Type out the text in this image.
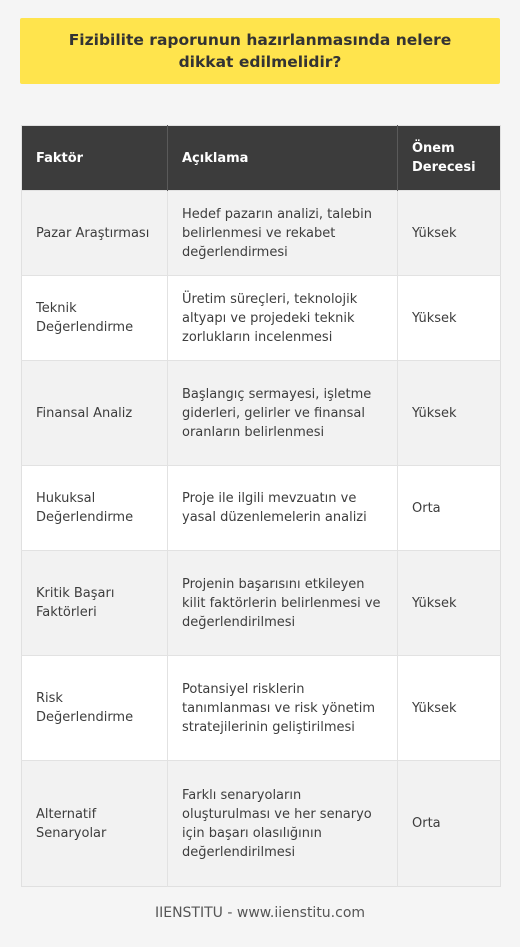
Fizibilite raporunun hazırlanmasında nelere dikkat edilmelidir?
Faktör	Açıklama	Önem Derecesi
Pazar Araştırması	Hedef pazarın analizi, talebin belirlenmesi ve rekabet değerlendirmesi	Yüksek
Teknik Değerlendirme	Üretim süreçleri, teknolojik altyapı ve projedeki teknik zorlukların incelenmesi	Yüksek
Finansal Analiz	Başlangıç sermayesi, işletme giderleri, gelirler ve finansal oranların belirlenmesi	Yüksek
Hukuksal Değerlendirme	Proje ile ilgili mevzuatın ve yasal düzenlemelerin analizi	Orta
Kritik Başarı Faktörleri	Projenin başarısını etkileyen kilit faktörlerin belirlenmesi ve değerlendirilmesi	Yüksek
Risk Değerlendirme	Potansiyel risklerin tanımlanması ve risk yönetim stratejilerinin geliştirilmesi	Yüksek
Alternatif Senaryolar	Farklı senaryoların oluşturulması ve her senaryo için başarı olasılığının değerlendirilmesi	Orta
IIENSTITU - www.iienstitu.com
